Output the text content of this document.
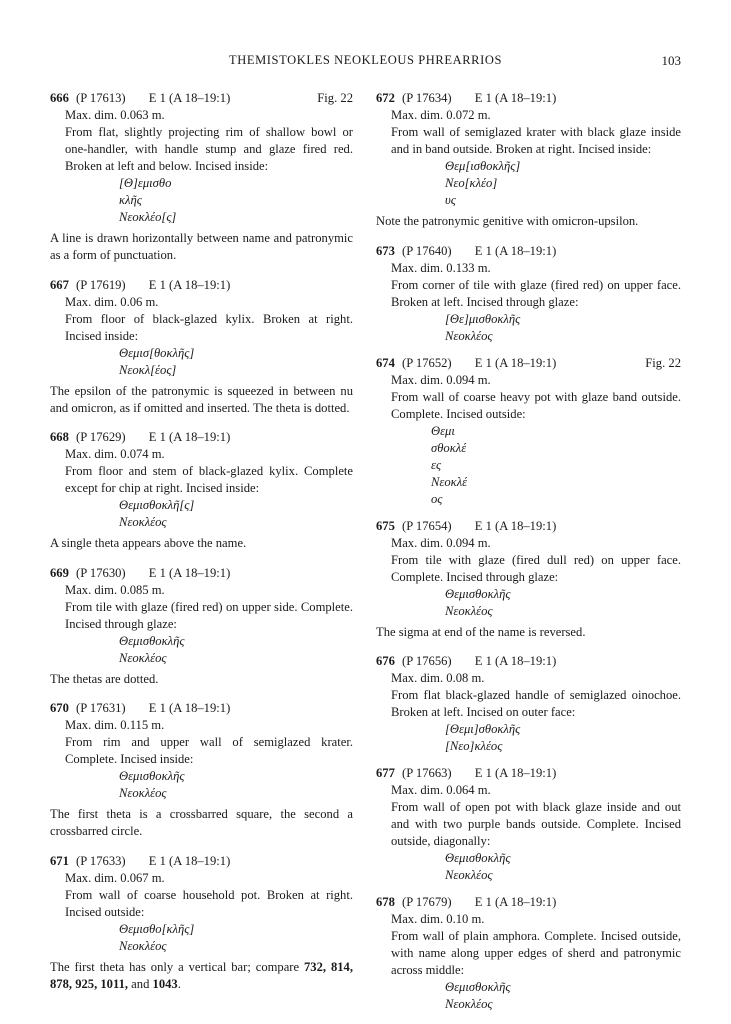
THEMISTOKLES NEOKLEOUS PHREARRIOS	103
666 (P 17613) E 1 (A 18–19:1)	Fig. 22

Max. dim. 0.063 m.

From flat, slightly projecting rim of shallow bowl or one-handler, with handle stump and glaze fired red. Broken at left and below. Incised inside:

[Θ]εμισθο
κλῆς
Νεοκλέο[ς]

A line is drawn horizontally between name and patronymic as a form of punctuation.

667 (P 17619) E 1 (A 18–19:1)

Max. dim. 0.06 m.

From floor of black-glazed kylix. Broken at right. Incised inside:

Θεμισ[θοκλῆς]
Νεοκλ[έος]

The epsilon of the patronymic is squeezed in between nu and omicron, as if omitted and inserted. The theta is dotted.

668 (P 17629) E 1 (A 18–19:1)

Max. dim. 0.074 m.

From floor and stem of black-glazed kylix. Complete except for chip at right. Incised inside:

Θεμισθοκλῆ[ς]
Νεοκλέος

A single theta appears above the name.

669 (P 17630) E 1 (A 18–19:1)

Max. dim. 0.085 m.

From tile with glaze (fired red) on upper side. Complete. Incised through glaze:

Θεμισθοκλῆς
Νεοκλέος

The thetas are dotted.

670 (P 17631) E 1 (A 18–19:1)

Max. dim. 0.115 m.

From rim and upper wall of semiglazed krater. Complete. Incised inside:

Θεμισθοκλῆς
Νεοκλέος

The first theta is a crossbarred square, the second a crossbarred circle.

671 (P 17633) E 1 (A 18–19:1)

Max. dim. 0.067 m.

From wall of coarse household pot. Broken at right. Incised outside:

Θεμισθο[κλῆς]
Νεοκλέος

The first theta has only a vertical bar; compare 732, 814, 878, 925, 1011, and 1043.

672 (P 17634) E 1 (A 18–19:1)

Max. dim. 0.072 m.

From wall of semiglazed krater with black glaze inside and in band outside. Broken at right. Incised inside:

Θεμ[ισθοκλῆς]
Νεο[κλέο]
υς

Note the patronymic genitive with omicron-upsilon.

673 (P 17640) E 1 (A 18–19:1)

Max. dim. 0.133 m.

From corner of tile with glaze (fired red) on upper face. Broken at left. Incised through glaze:

[Θε]μισθοκλῆς
Νεοκλέος
674 (P 17652) E 1 (A 18–19:1)	Fig. 22

Max. dim. 0.094 m.

From wall of coarse heavy pot with glaze band outside. Complete. Incised outside:

Θεμι
σθοκλέ
ες
Νεοκλέ
ος
675 (P 17654) E 1 (A 18–19:1)

Max. dim. 0.094 m.

From tile with glaze (fired dull red) on upper face. Complete. Incised through glaze:

Θεμισθοκλῆς
Νεοκλέος

The sigma at end of the name is reversed.

676 (P 17656) E 1 (A 18–19:1)

Max. dim. 0.08 m.

From flat black-glazed handle of semiglazed oinochoe. Broken at left. Incised on outer face:

[Θεμι]σθοκλῆς
[Νεο]κλέος
677 (P 17663) E 1 (A 18–19:1)

Max. dim. 0.064 m.

From wall of open pot with black glaze inside and out and with two purple bands outside. Complete. Incised outside, diagonally:

Θεμισθοκλῆς
Νεοκλέος
678 (P 17679) E 1 (A 18–19:1)

Max. dim. 0.10 m.

From wall of plain amphora. Complete. Incised outside, with name along upper edges of sherd and patronymic across middle:

Θεμισθοκλῆς
Νεοκλέος
